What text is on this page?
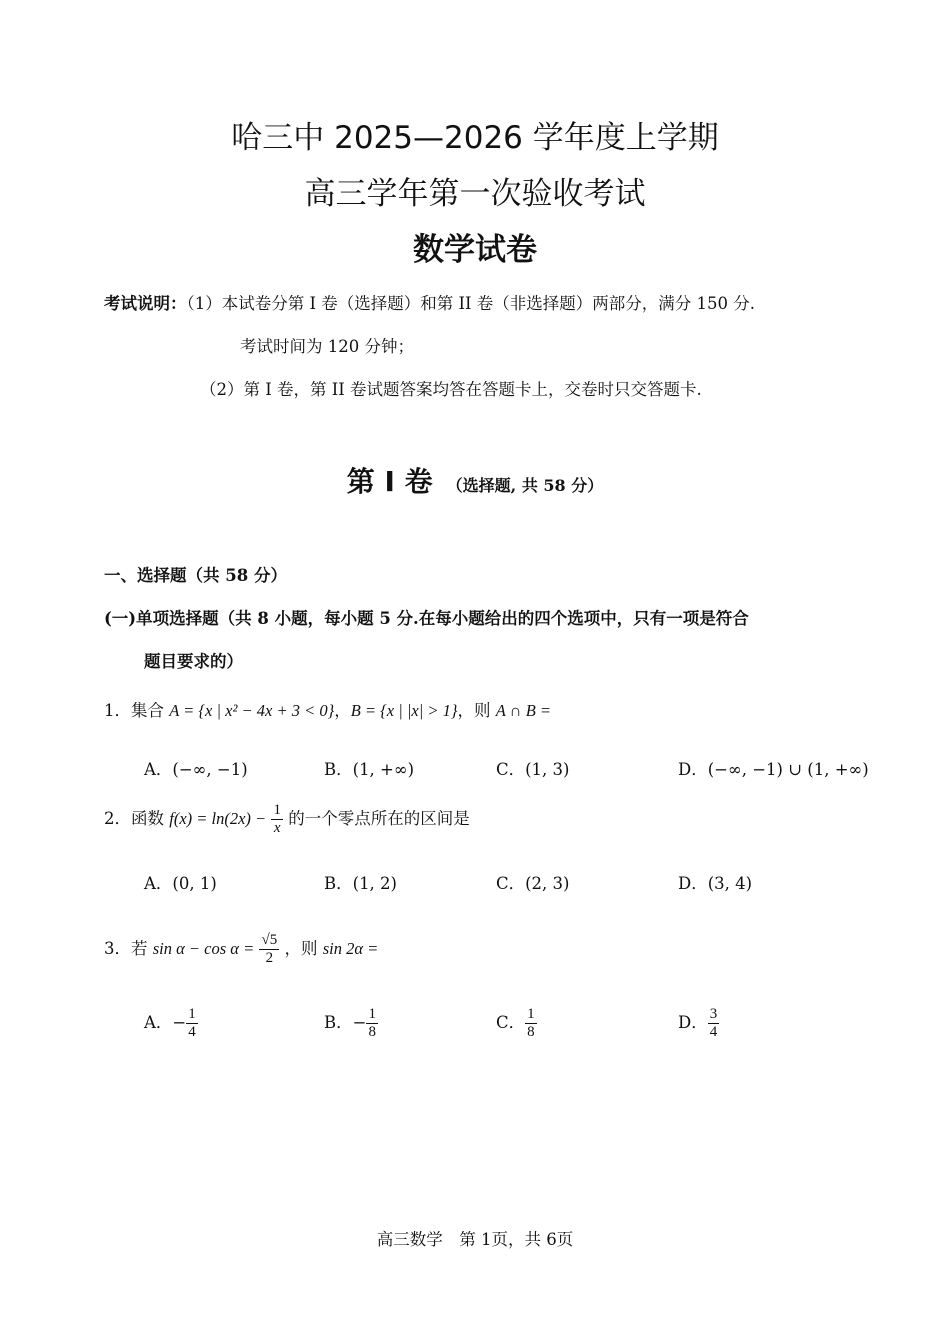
哈三中 2025—2026 学年度上学期
高三学年第一次验收考试
数学试卷
考试说明：（1）本试卷分第 I 卷（选择题）和第 II 卷（非选择题）两部分，满分 150 分.
考试时间为 120 分钟；
（2）第 I 卷，第 II 卷试题答案均答在答题卡上，交卷时只交答题卡.
第 I 卷 （选择题, 共 58 分）
一、选择题（共 58 分）
(一)单项选择题（共 8 小题，每小题 5 分.在每小题给出的四个选项中，只有一项是符合
题目要求的）
1．集合 A = {x | x² − 4x + 3 < 0}，B = {x | |x| > 1}，则 A ∩ B =
A．(−∞, −1)	B．(1, +∞)	C．(1, 3)	D．(−∞, −1) ∪ (1, +∞)
2．函数 $f(x) = \ln(2x) - \frac{1}{x}$ 的一个零点所在的区间是
A．(0, 1)	B．(1, 2)	C．(2, 3)	D．(3, 4)
3．若 $\sin \alpha - \cos \alpha = \frac{√5}{2}$ ，则 sin 2α =
A．− $\frac{1}{4}$	B．− $\frac{1}{8}$	C． $\frac{1}{8}$	D． $\frac{3}{4}$
高三数学　第 1页，共 6页
